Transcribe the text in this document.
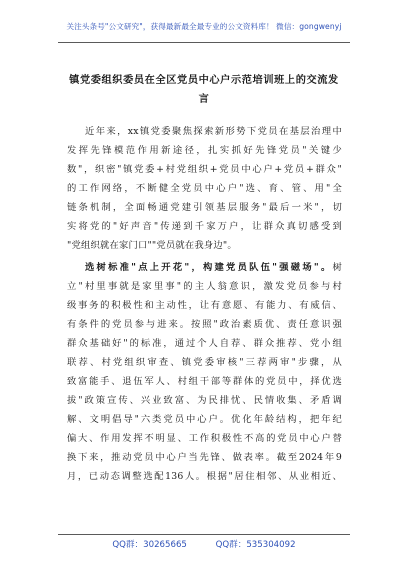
关注头条号"公文研究"，获得最新最全最专业的公文资料库！ 微信：gongwenyj
镇党委组织委员在全区党员中心户示范培训班上的交流发
言
近年来，xx镇党委聚焦探索新形势下党员在基层治理中
发挥先锋模范作用新途径，扎实抓好先锋党员"关键少
数"，织密"镇党委+村党组织+党员中心户+党员+群众"
的工作网络，不断健全党员中心户"选、育、管、用"全
链条机制，全面畅通党建引领基层服务"最后一米"，切
实将党的"好声音"传递到千家万户，让群众真切感受到
"党组织就在家门口""党员就在我身边"。
选树标准"点上开花"，构建党员队伍"强磁场"。树
立"村里事就是家里事"的主人翁意识，激发党员参与村
级事务的积极性和主动性，让有意愿、有能力、有威信、
有条件的党员参与进来。按照"政治素质优、责任意识强
群众基础好"的标准，通过个人自荐、群众推荐、党小组
联荐、村党组织审查、镇党委审核"三荐两审"步骤，从
致富能手、退伍军人、村组干部等群体的党员中，择优选
拔"政策宣传、兴业致富、为民排忧、民情收集、矛盾调
解、文明倡导"六类党员中心户。优化年龄结构，把年纪
偏大、作用发挥不明显、工作积极性不高的党员中心户替
换下来，推动党员中心户当先锋、做表率。截至2024年9
月，已动态调整选配136人。根据"居住相邻、从业相近、
QQ群：30265665	QQ群：535304092
